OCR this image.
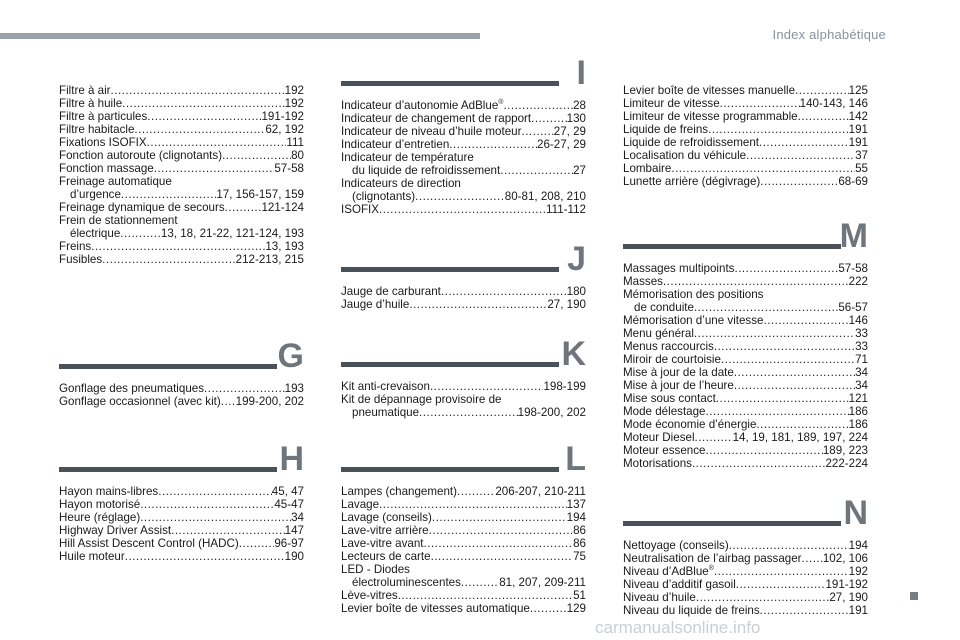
Index alphabétique
Filtre à air .....	192
Filtre à huile .....	192
Filtre à particules .....	191-192
Filtre habitacle .....	62, 192
Fixations ISOFIX .....	111
Fonction autoroute (clignotants) .....	80
Fonction massage .....	57-58
Freinage automatique
d’urgence .....	17, 156-157, 159
Freinage dynamique de secours .....	121-124
Frein de stationnement
électrique .....	13, 18, 21-22, 121-124, 193
Freins .....	13, 193
Fusibles .....	212-213, 215
G
Gonflage des pneumatiques .....	193
Gonflage occasionnel (avec kit) ..... 199-200, 202
H
Hayon mains-libres .....	45, 47
Hayon motorisé .....	45-47
Heure (réglage) .....	34
Highway Driver Assist .....	147
Hill Assist Descent Control (HADC) .....	96-97
Huile moteur .....	190
I
Indicateur d’autonomie AdBlue® .....	28
Indicateur de changement de rapport .....	130
Indicateur de niveau d’huile moteur .....	27, 29
Indicateur d’entretien .....	26-27, 29
Indicateur de température
du liquide de refroidissement .....	27
Indicateurs de direction
(clignotants) .....	80-81, 208, 210
ISOFIX .....	111-112
J
Jauge de carburant .....	180
Jauge d’huile .....	27, 190
K
Kit anti-crevaison .....	198-199
Kit de dépannage provisoire de
pneumatique .....	198-200, 202
L
Lampes (changement) .....	206-207, 210-211
Lavage .....	137
Lavage (conseils) .....	194
Lave-vitre arrière .....	86
Lave-vitre avant .....	86
Lecteurs de carte .....	75
LED - Diodes
électroluminescentes .....	81, 207, 209-211
Lève-vitres .....	51
Levier boîte de vitesses automatique .....	129
Levier boîte de vitesses manuelle .....	125
Limiteur de vitesse .....	140-143, 146
Limiteur de vitesse programmable .....	142
Liquide de freins .....	191
Liquide de refroidissement .....	191
Localisation du véhicule .....	37
Lombaire .....	55
Lunette arrière (dégivrage) .....	68-69
M
Massages multipoints .....	57-58
Masses .....	222
Mémorisation des positions
de conduite .....	56-57
Mémorisation d’une vitesse .....	146
Menu général .....	33
Menus raccourcis .....	33
Miroir de courtoisie .....	71
Mise à jour de la date .....	34
Mise à jour de l’heure .....	34
Mise sous contact .....	121
Mode délestage .....	186
Mode économie d’énergie .....	186
Moteur Diesel .....	14, 19, 181, 189, 197, 224
Moteur essence .....	189, 223
Motorisations .....	222-224
N
Nettoyage (conseils) .....	194
Neutralisation de l’airbag passager ..... 102, 106
Niveau d’AdBlue® .....	192
Niveau d’additif gasoil .....	191-192
Niveau d’huile .....	27, 190
Niveau du liquide de freins .....	191
carmanualsonline.info
